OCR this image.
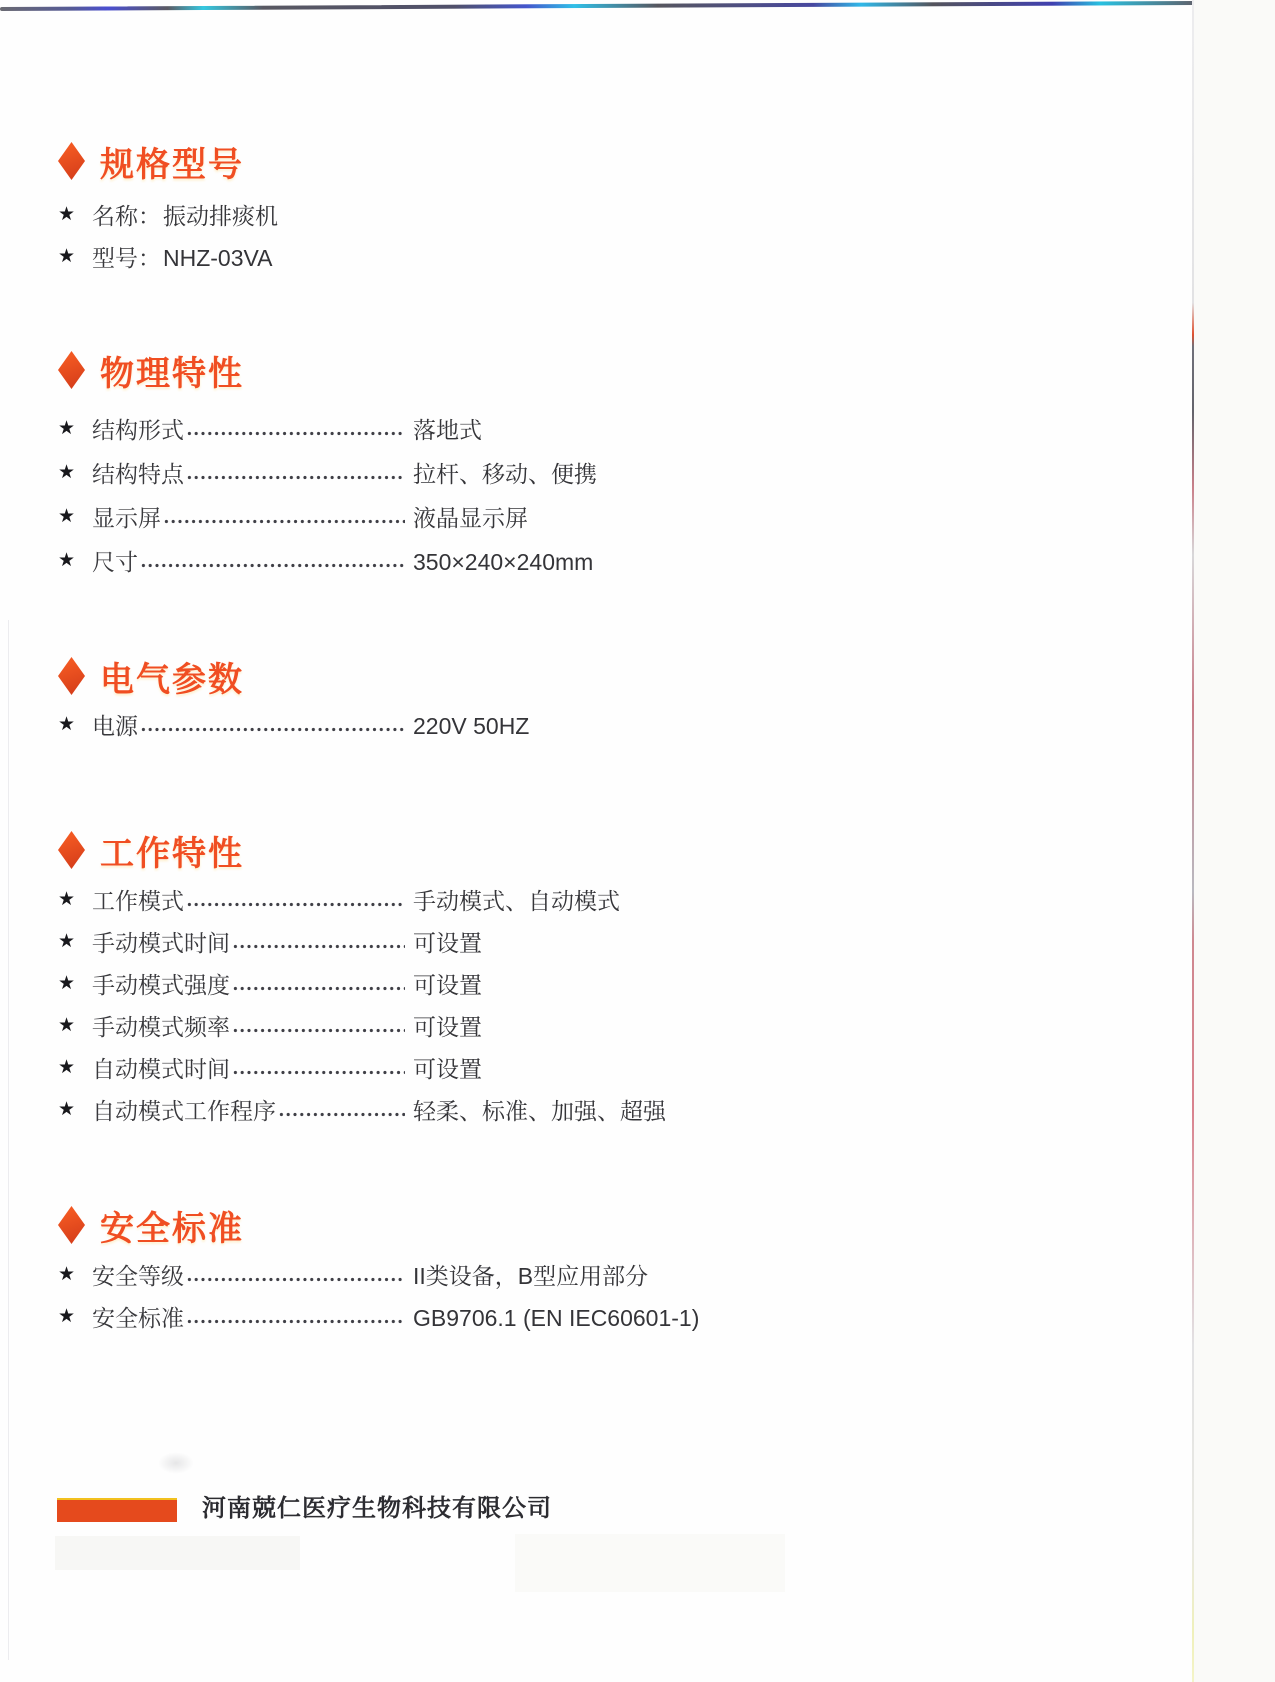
规格型号
★ 名称： 振动排痰机
★ 型号： NHZ-03VA
物理特性
★ 结构形式	落地式
★ 结构特点	拉杆、移动、便携
★ 显示屏	液晶显示屏
★ 尺寸	350×240×240mm
电气参数
★ 电源	220V 50HZ
工作特性
★ 工作模式	手动模式、自动模式
★ 手动模式时间	可设置
★ 手动模式强度	可设置
★ 手动模式频率	可设置
★ 自动模式时间	可设置
★ 自动模式工作程序	轻柔、标准、加强、超强
安全标准
★ 安全等级	II类设备，B型应用部分
★ 安全标准	GB9706.1 (EN IEC60601-1)
河南兢仁医疗生物科技有限公司
